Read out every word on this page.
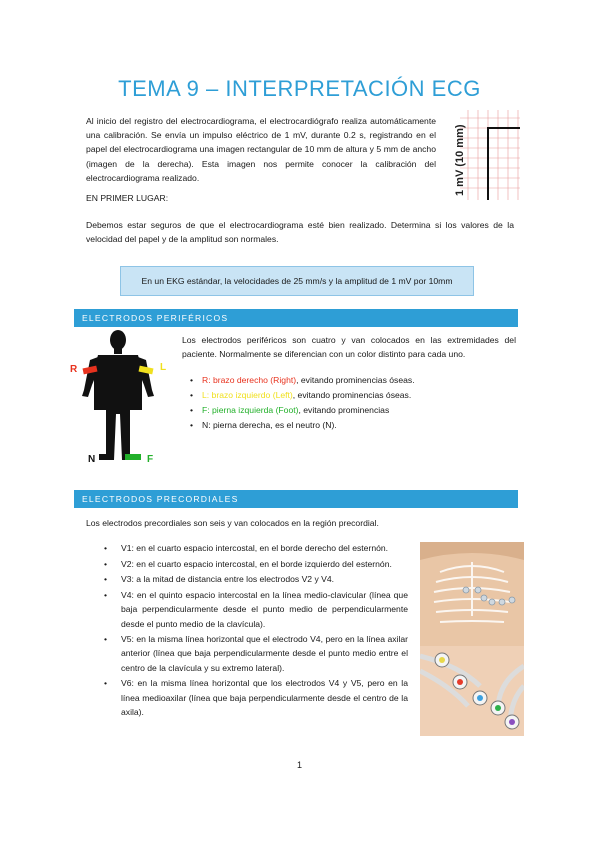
TEMA 9 – INTERPRETACIÓN ECG
Al inicio del registro del electrocardiograma, el electrocardiógrafo realiza automáticamente una calibración. Se envía un impulso eléctrico de 1 mV, durante 0.2 s, registrando en el papel del electrocardiograma una imagen rectangular de 10 mm de altura y 5 mm de ancho (imagen de la derecha). Esta imagen nos permite conocer la calibración del electrocardiograma realizado.	1 mV (10 mm)
EN PRIMER LUGAR:
Debemos estar seguros de que el electrocardiograma esté bien realizado. Determina si los valores de la velocidad del papel y de la amplitud son normales.
En un EKG estándar, la velocidades de 25 mm/s y la amplitud de 1 mV por 10mm
ELECTRODOS PERIFÉRICOS
R	L
N	F
Los electrodos periféricos son cuatro y van colocados en las extremidades del paciente. Normalmente se diferencian con un color distinto para cada uno.
• R: brazo derecho (Right), evitando prominencias óseas.
• L: brazo izquierdo (Left), evitando prominencias óseas.
• F: pierna izquierda (Foot), evitando prominencias
• N: pierna derecha, es el neutro (N).
ELECTRODOS PRECORDIALES
Los electrodos precordiales son seis y van colocados en la región precordial.
• V1: en el cuarto espacio intercostal, en el borde derecho del esternón.
• V2: en el cuarto espacio intercostal, en el borde izquierdo del esternón.
• V3: a la mitad de distancia entre los electrodos V2 y V4.
• V4: en el quinto espacio intercostal en la línea medio-clavicular (línea que baja perpendicularmente desde el punto medio de perpendicularmente desde el punto medio de la clavícula).
• V5: en la misma línea horizontal que el electrodo V4, pero en la línea axilar anterior (línea que baja perpendicularmente desde el punto medio entre el centro de la clavícula y su extremo lateral).
• V6: en la misma línea horizontal que los electrodos V4 y V5, pero en la línea medioaxilar (línea que baja perpendicularmente desde el centro de la axila).
1
